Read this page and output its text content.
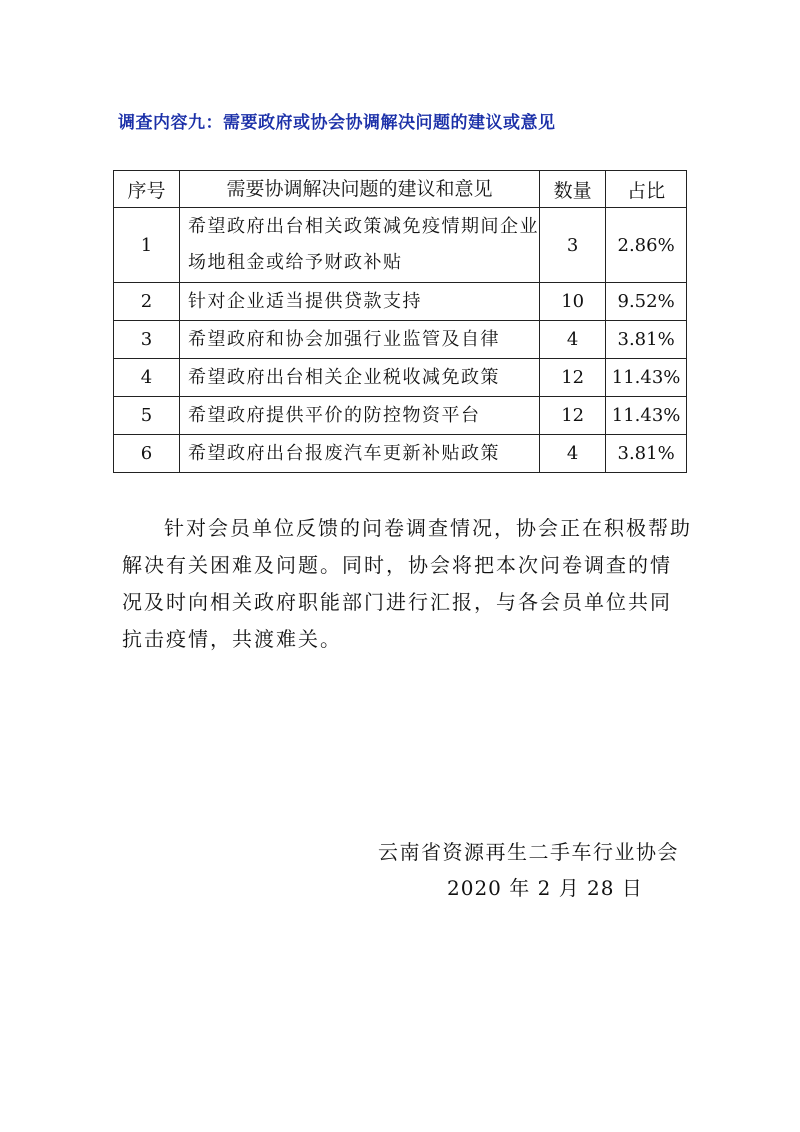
调查内容九：需要政府或协会协调解决问题的建议或意见
序号	需要协调解决问题的建议和意见	数量	占比
1	希望政府出台相关政策减免疫情期间企业场地租金或给予财政补贴	3	2.86%
2	针对企业适当提供贷款支持	10	9.52%
3	希望政府和协会加强行业监管及自律	4	3.81%
4	希望政府出台相关企业税收减免政策	12	11.43%
5	希望政府提供平价的防控物资平台	12	11.43%
6	希望政府出台报废汽车更新补贴政策	4	3.81%

针对会员单位反馈的问卷调查情况，协会正在积极帮助解决有关困难及问题。同时，协会将把本次问卷调查的情况及时向相关政府职能部门进行汇报，与各会员单位共同抗击疫情，共渡难关。

云南省资源再生二手车行业协会
2020 年 2 月 28 日
